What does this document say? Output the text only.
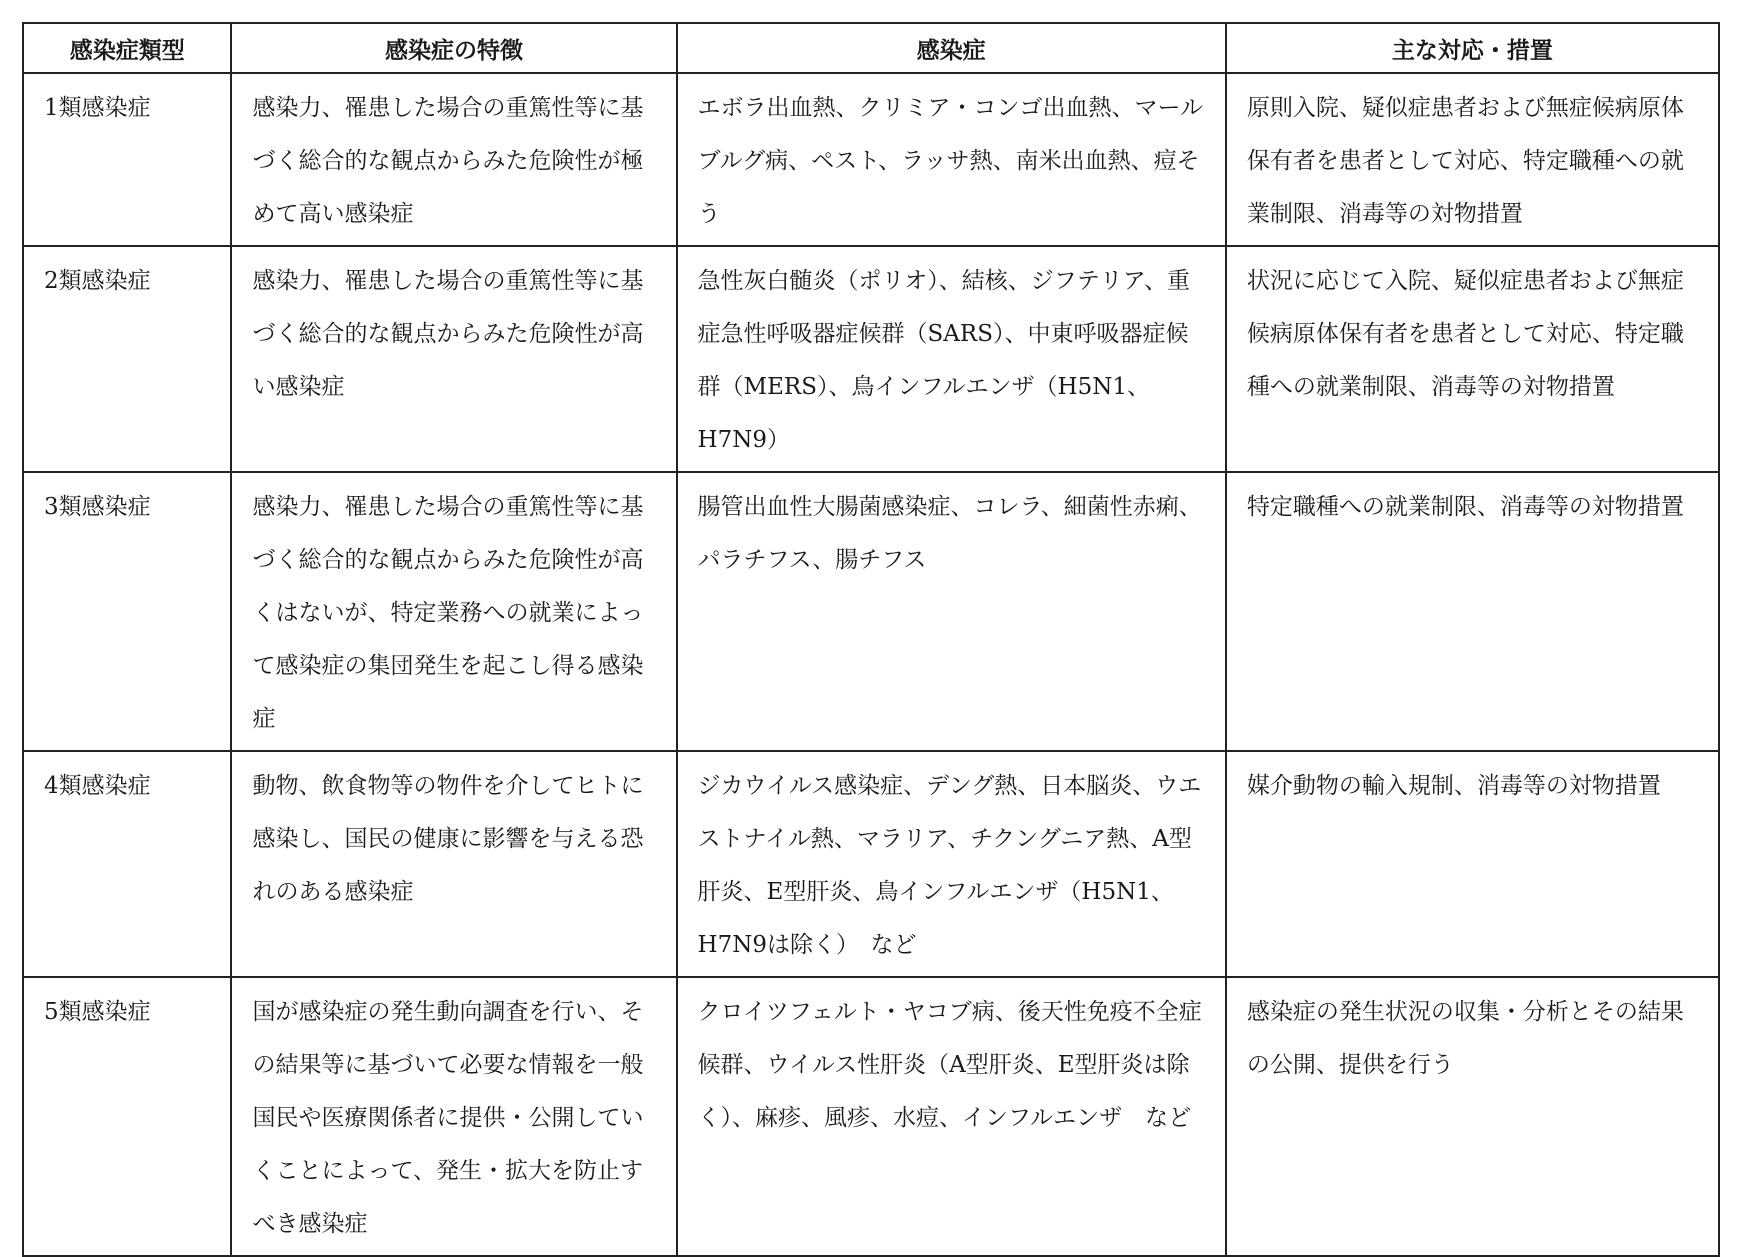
感染症類型	感染症の特徴	感染症	主な対応・措置
1類感染症	感染力、罹患した場合の重篤性等に基づく総合的な観点からみた危険性が極めて高い感染症	エボラ出血熱、クリミア・コンゴ出血熱、マールブルグ病、ペスト、ラッサ熱、南米出血熱、痘そう	原則入院、疑似症患者および無症候病原体保有者を患者として対応、特定職種への就業制限、消毒等の対物措置
2類感染症	感染力、罹患した場合の重篤性等に基づく総合的な観点からみた危険性が高い感染症	急性灰白髄炎（ポリオ）、結核、ジフテリア、重症急性呼吸器症候群（SARS）、中東呼吸器症候群（MERS）、鳥インフルエンザ（H5N1、H7N9）	状況に応じて入院、疑似症患者および無症候病原体保有者を患者として対応、特定職種への就業制限、消毒等の対物措置
3類感染症	感染力、罹患した場合の重篤性等に基づく総合的な観点からみた危険性が高くはないが、特定業務への就業によって感染症の集団発生を起こし得る感染症	腸管出血性大腸菌感染症、コレラ、細菌性赤痢、パラチフス、腸チフス	特定職種への就業制限、消毒等の対物措置
4類感染症	動物、飲食物等の物件を介してヒトに感染し、国民の健康に影響を与える恐れのある感染症	ジカウイルス感染症、デング熱、日本脳炎、ウエストナイル熱、マラリア、チクングニア熱、A型肝炎、E型肝炎、鳥インフルエンザ（H5N1、H7N9は除く）　など	媒介動物の輸入規制、消毒等の対物措置
5類感染症	国が感染症の発生動向調査を行い、その結果等に基づいて必要な情報を一般国民や医療関係者に提供・公開していくことによって、発生・拡大を防止すべき感染症	クロイツフェルト・ヤコブ病、後天性免疫不全症候群、ウイルス性肝炎（A型肝炎、E型肝炎は除く）、麻疹、風疹、水痘、インフルエンザ　など	感染症の発生状況の収集・分析とその結果の公開、提供を行う
